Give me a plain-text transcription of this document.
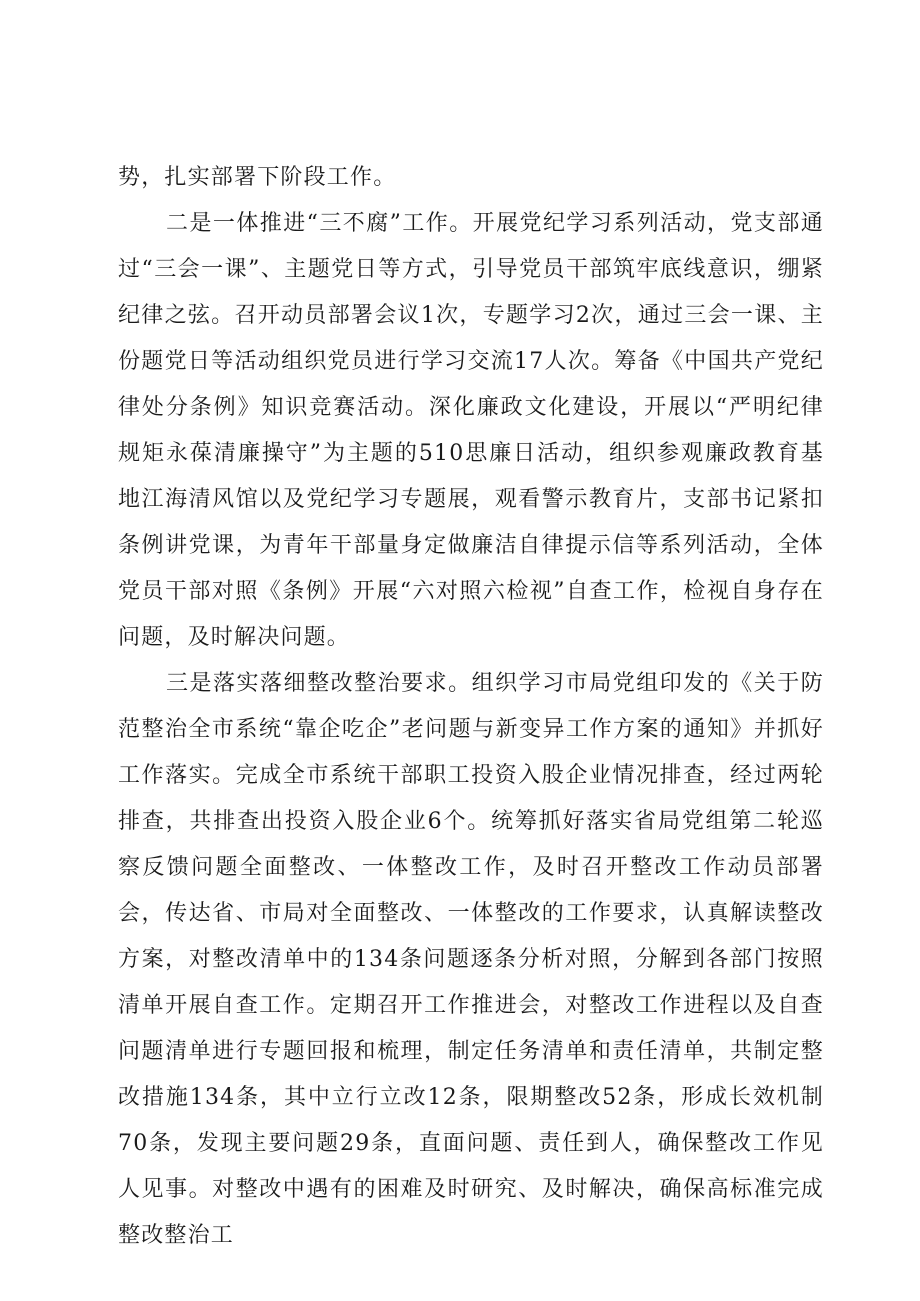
势，扎实部署下阶段工作。

二是一体推进“三不腐”工作。开展党纪学习系列活动，党支部通过“三会一课”、主题党日等方式，引导党员干部筑牢底线意识，绷紧纪律之弦。召开动员部署会议1次，专题学习2次，通过三会一课、主份题党日等活动组织党员进行学习交流17人次。筹备《中国共产党纪律处分条例》知识竞赛活动。深化廉政文化建设，开展以“严明纪律规矩永葆清廉操守”为主题的510思廉日活动，组织参观廉政教育基地江海清风馆以及党纪学习专题展，观看警示教育片，支部书记紧扣条例讲党课，为青年干部量身定做廉洁自律提示信等系列活动，全体党员干部对照《条例》开展“六对照六检视”自查工作，检视自身存在问题，及时解决问题。

三是落实落细整改整治要求。组织学习市局党组印发的《关于防范整治全市系统“靠企吃企”老问题与新变异工作方案的通知》并抓好工作落实。完成全市系统干部职工投资入股企业情况排查，经过两轮排查，共排查出投资入股企业6个。统筹抓好落实省局党组第二轮巡察反馈问题全面整改、一体整改工作，及时召开整改工作动员部署会，传达省、市局对全面整改、一体整改的工作要求，认真解读整改方案，对整改清单中的134条问题逐条分析对照，分解到各部门按照清单开展自查工作。定期召开工作推进会，对整改工作进程以及自查问题清单进行专题回报和梳理，制定任务清单和责任清单，共制定整改措施134条，其中立行立改12条，限期整改52条，形成长效机制70条，发现主要问题29条，直面问题、责任到人，确保整改工作见人见事。对整改中遇有的困难及时研究、及时解决，确保高标准完成整改整治工
